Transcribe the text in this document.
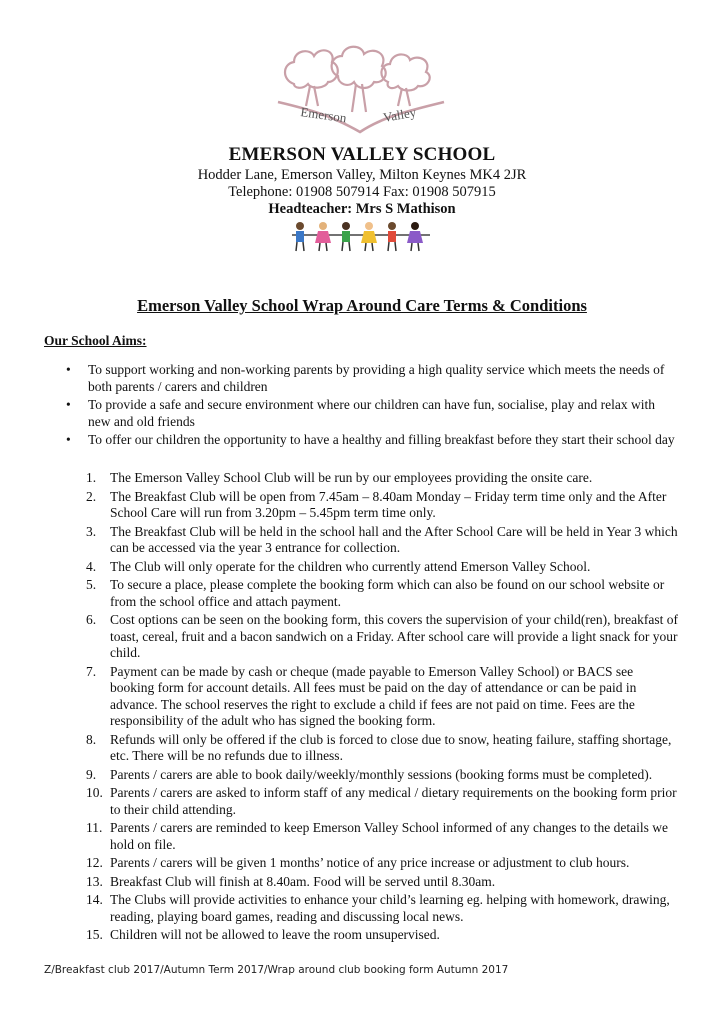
Emerson	Valley
EMERSON VALLEY SCHOOL
Hodder Lane, Emerson Valley, Milton Keynes MK4 2JR
Telephone: 01908 507914 Fax: 01908 507915
Headteacher: Mrs S Mathison
Emerson Valley School Wrap Around Care Terms & Conditions
Our School Aims:
• To support working and non-working parents by providing a high quality service which meets the needs of both parents / carers and children
• To provide a safe and secure environment where our children can have fun, socialise, play and relax with new and old friends
• To offer our children the opportunity to have a healthy and filling breakfast before they start their school day
1.	The Emerson Valley School Club will be run by our employees providing the onsite care.
2.	The Breakfast Club will be open from 7.45am – 8.40am Monday – Friday term time only and the After School Care will run from 3.20pm – 5.45pm term time only.
3.	The Breakfast Club will be held in the school hall and the After School Care will be held in Year 3 which can be accessed via the year 3 entrance for collection.
4.	The Club will only operate for the children who currently attend Emerson Valley School.
5.	To secure a place, please complete the booking form which can also be found on our school website or from the school office and attach payment.
6.	Cost options can be seen on the booking form, this covers the supervision of your child(ren), breakfast of toast, cereal, fruit and a bacon sandwich on a Friday. After school care will provide a light snack for your child.
7.	Payment can be made by cash or cheque (made payable to Emerson Valley School) or BACS see booking form for account details. All fees must be paid on the day of attendance or can be paid in advance. The school reserves the right to exclude a child if fees are not paid on time. Fees are the responsibility of the adult who has signed the booking form.
8.	Refunds will only be offered if the club is forced to close due to snow, heating failure, staffing shortage, etc. There will be no refunds due to illness.
9.	Parents / carers are able to book daily/weekly/monthly sessions (booking forms must be completed).
10. Parents / carers are asked to inform staff of any medical / dietary requirements on the booking form prior to their child attending.
11. Parents / carers are reminded to keep Emerson Valley School informed of any changes to the details we hold on file.
12. Parents / carers will be given 1 months’ notice of any price increase or adjustment to club hours.
13. Breakfast Club will finish at 8.40am. Food will be served until 8.30am.
14. The Clubs will provide activities to enhance your child’s learning eg. helping with homework, drawing, reading, playing board games, reading and discussing local news.
15. Children will not be allowed to leave the room unsupervised.
Z/Breakfast club 2017/Autumn Term 2017/Wrap around club booking form Autumn 2017
